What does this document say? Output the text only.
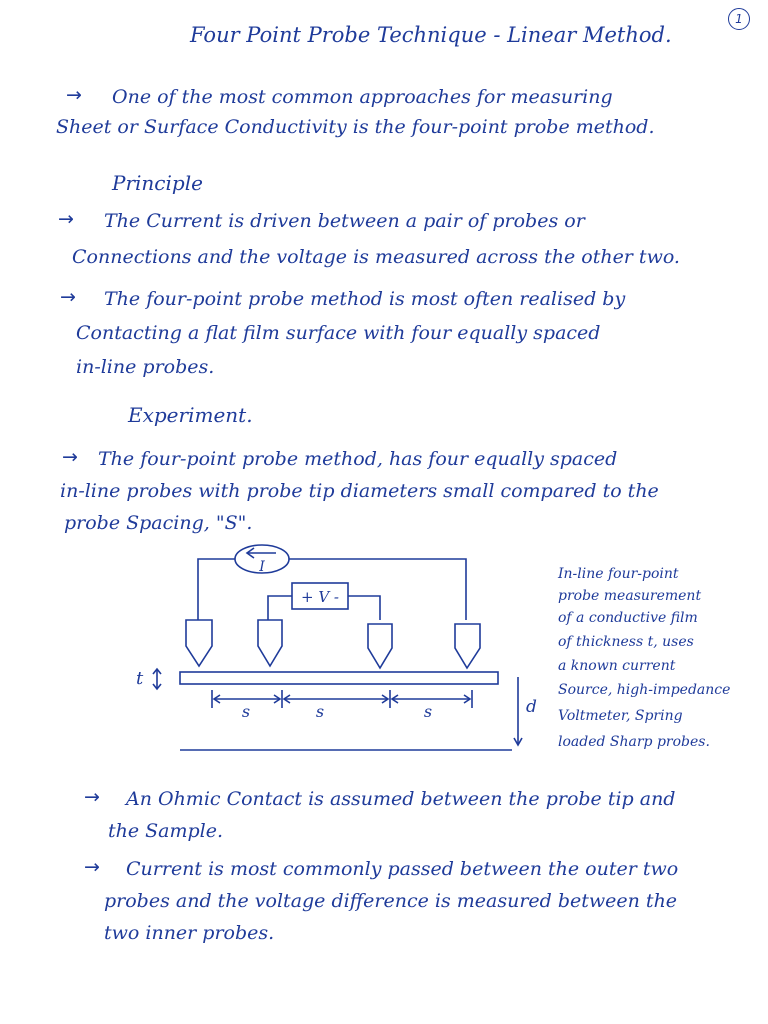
Four Point Probe Technique - Linear Method.
1
→ One of the most common approaches for measuring
Sheet or Surface Conductivity is the four-point probe method.
Principle
→ The Current is driven between a pair of probes or
Connections and the voltage is measured across the other two.
→ The four-point probe method is most often realised by
Contacting a flat film surface with four equally spaced
in-line probes.
Experiment.
→ The four-point probe method, has four equally spaced
in-line probes with probe tip diameters small compared to the
probe Spacing, "S".
I
+ V -
t
s	s	s	d
In-line four-point
probe measurement
of a conductive film
of thickness t, uses
a known current
Source, high-impedance
Voltmeter, Spring
loaded Sharp probes.
→ An Ohmic Contact is assumed between the probe tip and
the Sample.
→ Current is most commonly passed between the outer two
probes and the voltage difference is measured between the
two inner probes.
